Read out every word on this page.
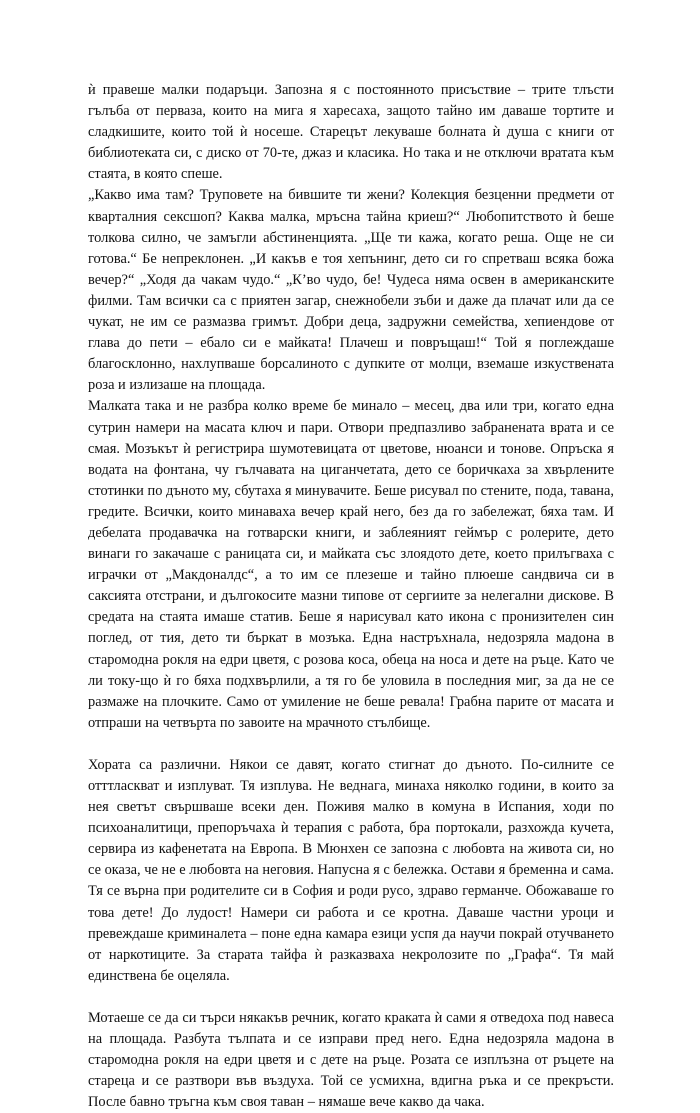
ѝ правеше малки подаръци. Запозна я с постоянното присъствие – трите тлъсти гълъба от перваза, които на мига я харесаха, защото тайно им даваше тортите и сладкишите, които той ѝ носеше. Старецът лекуваше болната ѝ душа с книги от библиотеката си, с диско от 70-те, джаз и класика. Но така и не отключи вратата към стаята, в която спеше.

„Какво има там? Труповете на бившите ти жени? Колекция безценни предмети от кварталния сексшоп? Каква малка, мръсна тайна криеш?“ Любопитството ѝ беше толкова силно, че замъгли абстиненцията. „Ще ти кажа, когато реша. Още не си готова.“ Бе непреклонен. „И какъв е тоя хепънинг, дето си го спретваш всяка божа вечер?“ „Ходя да чакам чудо.“ „К’во чудо, бе! Чудеса няма освен в американските филми. Там всички са с приятен загар, снежнобели зъби и даже да плачат или да се чукат, не им се размазва гримът. Добри деца, задружни семейства, хепиендове от глава до пети – ебало си е майката! Плачеш и повръщаш!“ Той я поглеждаше благосклонно, нахлупваше борсалиното с дупките от молци, вземаше изкуствената роза и излизаше на площада.

Малката така и не разбра колко време бе минало – месец, два или три, когато една сутрин намери на масата ключ и пари. Отвори предпазливо забранената врата и се смая. Мозъкът ѝ регистрира шумотевицата от цветове, нюанси и тонове. Опръска я водата на фонтана, чу гълчавата на циганчетата, дето се боричкаха за хвърлените стотинки по дъното му, сбутаха я минувачите. Беше рисувал по стените, пода, тавана, гредите. Всички, които минаваха вечер край него, без да го забележат, бяха там. И дебелата продавачка на готварски книги, и заблеяният геймър с ролерите, дето винаги го закачаше с раницата си, и майката със злоядото дете, което прилъгваха с играчки от „Макдоналдс“, а то им се плезеше и тайно плюеше сандвича си в саксията отстрани, и дългокосите мазни типове от сергиите за нелегални дискове. В средата на стаята имаше статив. Беше я нарисувал като икона с пронизителен син поглед, от тия, дето ти бъркат в мозъка. Една настръхнала, недозряла мадона в старомодна рокля на едри цветя, с розова коса, обеца на носа и дете на ръце. Като че ли току-що ѝ го бяха подхвърлили, а тя го бе уловила в последния миг, за да не се размаже на плочките. Само от умиление не беше ревала! Грабна парите от масата и отпраши на четвърта по завоите на мрачното стълбище.

Хората са различни. Някои се давят, когато стигнат до дъното. По-силните се отттласкват и изплуват. Тя изплува. Не веднага, минаха няколко години, в които за нея светът свършваше всеки ден. Поживя малко в комуна в Испания, ходи по психоаналитици, препоръчаха ѝ терапия с работа, бра портокали, разхожда кучета, сервира из кафенетата на Европа. В Мюнхен се запозна с любовта на живота си, но се оказа, че не е любовта на неговия. Напусна я с бележка. Остави я бременна и сама. Тя се върна при родителите си в София и роди русо, здраво германче. Обожаваше го това дете! До лудост! Намери си работа и се кротна. Даваше частни уроци и превеждаше криминалета – поне една камара езици успя да научи покрай отучването от наркотиците. За старата тайфа ѝ разказваха некролозите по „Графа“. Тя май единствена бе оцеляла.

Мотаеше се да си търси някакъв речник, когато краката ѝ сами я отведоха под навеса на площада. Разбута тълпата и се изправи пред него. Една недозряла мадона в старомодна рокля на едри цветя и с дете на ръце. Розата се изплъзна от ръцете на стареца и се разтвори във въздуха. Той се усмихна, вдигна ръка и се прекръсти. После бавно тръгна към своя таван – нямаше вече какво да чака.
